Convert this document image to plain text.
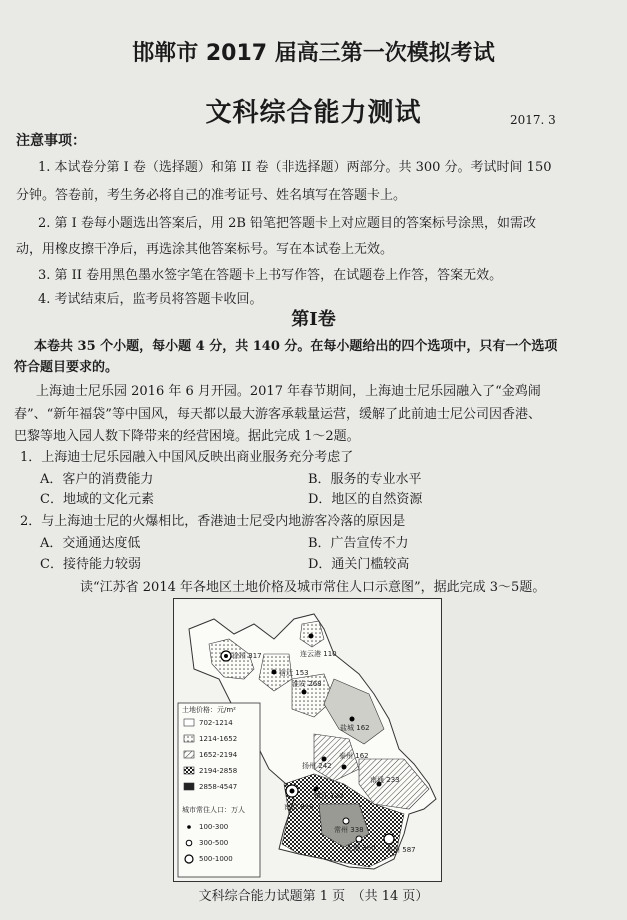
邯郸市 2017 届高三第一次模拟考试
文科综合能力测试	2017. 3
注意事项：
1. 本试卷分第 I 卷（选择题）和第 II 卷（非选择题）两部分。共 300 分。考试时间 150
分钟。答卷前，考生务必将自己的准考证号、姓名填写在答题卡上。
2. 第 I 卷每小题选出答案后，用 2B 铅笔把答题卡上对应题目的答案标号涂黑，如需改
动，用橡皮擦干净后，再选涂其他答案标号。写在本试卷上无效。
3. 第 II 卷用黑色墨水签字笔在答题卡上书写作答，在试题卷上作答，答案无效。
4. 考试结束后，监考员将答题卡收回。
第I卷
本卷共 35 个小题，每小题 4 分，共 140 分。在每小题给出的四个选项中，只有一个选项
符合题目要求的。
上海迪士尼乐园 2016 年 6 月开园。2017 年春节期间，上海迪士尼乐园融入了“金鸡闹
春”、“新年福袋”等中国风，每天都以最大游客承载量运营，缓解了此前迪士尼公司因香港、
巴黎等地入园人数下降带来的经营困境。据此完成 1～2题。
1．上海迪士尼乐园融入中国风反映出商业服务充分考虑了
A．客户的消费能力	B．服务的专业水平
C．地域的文化元素	D．地区的自然资源
2．与上海迪士尼的火爆相比，香港迪士尼受内地游客冷落的原因是
A．交通通达度低	B．广告宣传不力
C．接待能力较弱	D．通关门槛较高
读“江苏省 2014 年各地区土地价格及城市常住人口示意图”，据此完成 3～5题。
土地价格：元/m²
702-1214
1214-1652
1652-2194
2194-2858
2858-4547
城市常住人口：万人
100-300
300-500
500-1000
徐州 317	连云港 110
宿迁 153
淮安 268
盐城 162
扬州 242
泰州 162
南通 233
镇江 122
南京 819
常州 338
无锡 360 苏州 587
文科综合能力试题第 1 页　（共 14 页）
